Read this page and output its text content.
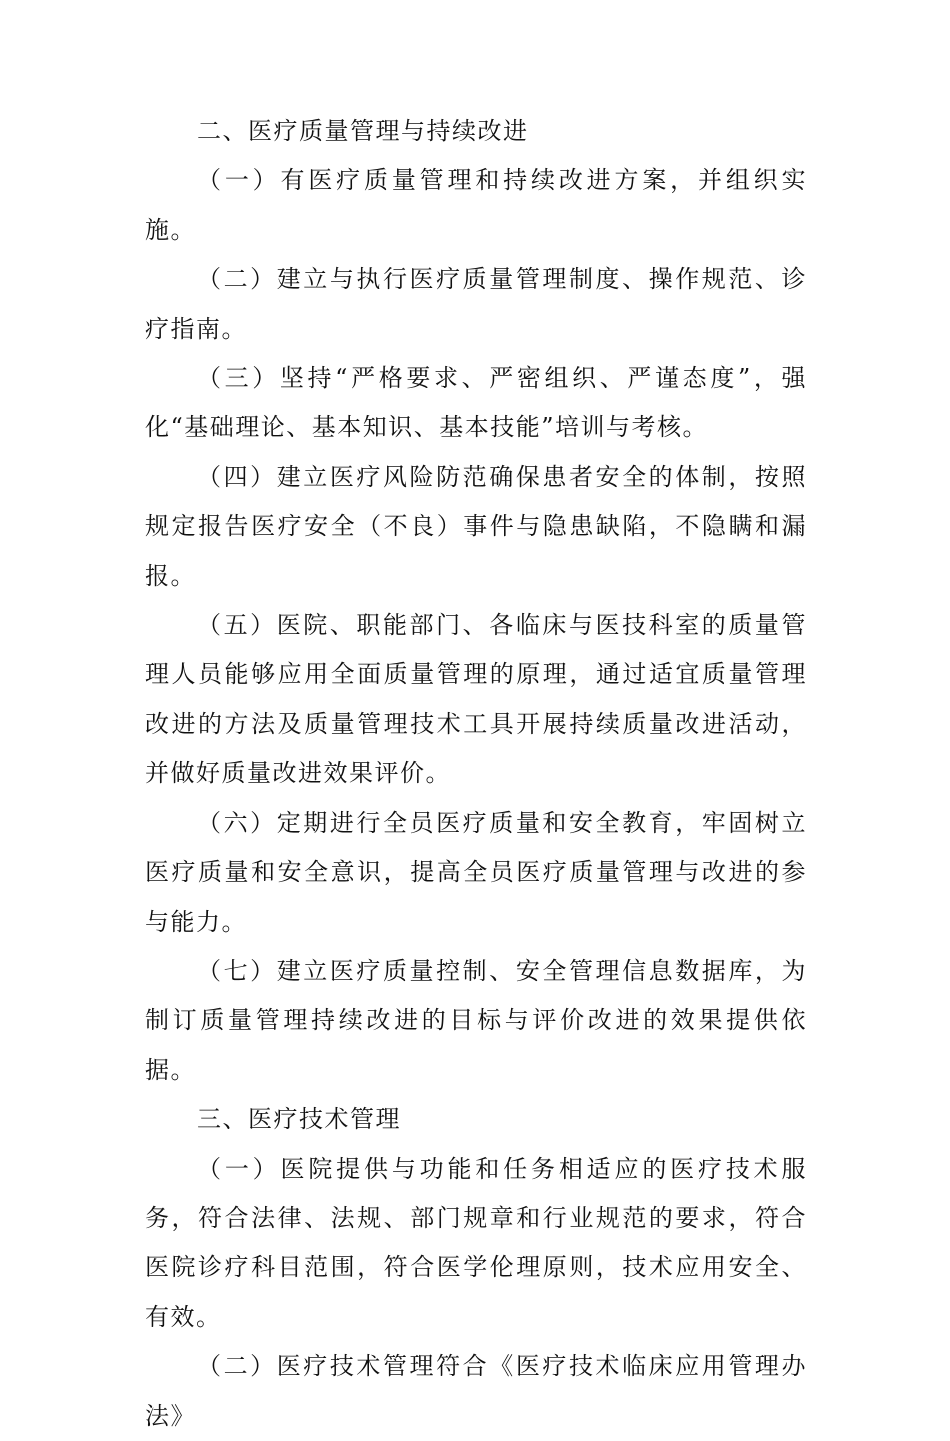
二、医疗质量管理与持续改进

（一）有医疗质量管理和持续改进方案，并组织实施。

（二）建立与执行医疗质量管理制度、操作规范、诊疗指南。

（三）坚持“严格要求、严密组织、严谨态度”，强化“基础理论、基本知识、基本技能”培训与考核。

（四）建立医疗风险防范确保患者安全的体制，按照规定报告医疗安全（不良）事件与隐患缺陷，不隐瞒和漏报。

（五）医院、职能部门、各临床与医技科室的质量管理人员能够应用全面质量管理的原理，通过适宜质量管理改进的方法及质量管理技术工具开展持续质量改进活动，并做好质量改进效果评价。

（六）定期进行全员医疗质量和安全教育，牢固树立医疗质量和安全意识，提高全员医疗质量管理与改进的参与能力。

（七）建立医疗质量控制、安全管理信息数据库，为制订质量管理持续改进的目标与评价改进的效果提供依据。

三、医疗技术管理

（一）医院提供与功能和任务相适应的医疗技术服务，符合法律、法规、部门规章和行业规范的要求，符合医院诊疗科目范围，符合医学伦理原则，技术应用安全、有效。

（二）医疗技术管理符合《医疗技术临床应用管理办法》
